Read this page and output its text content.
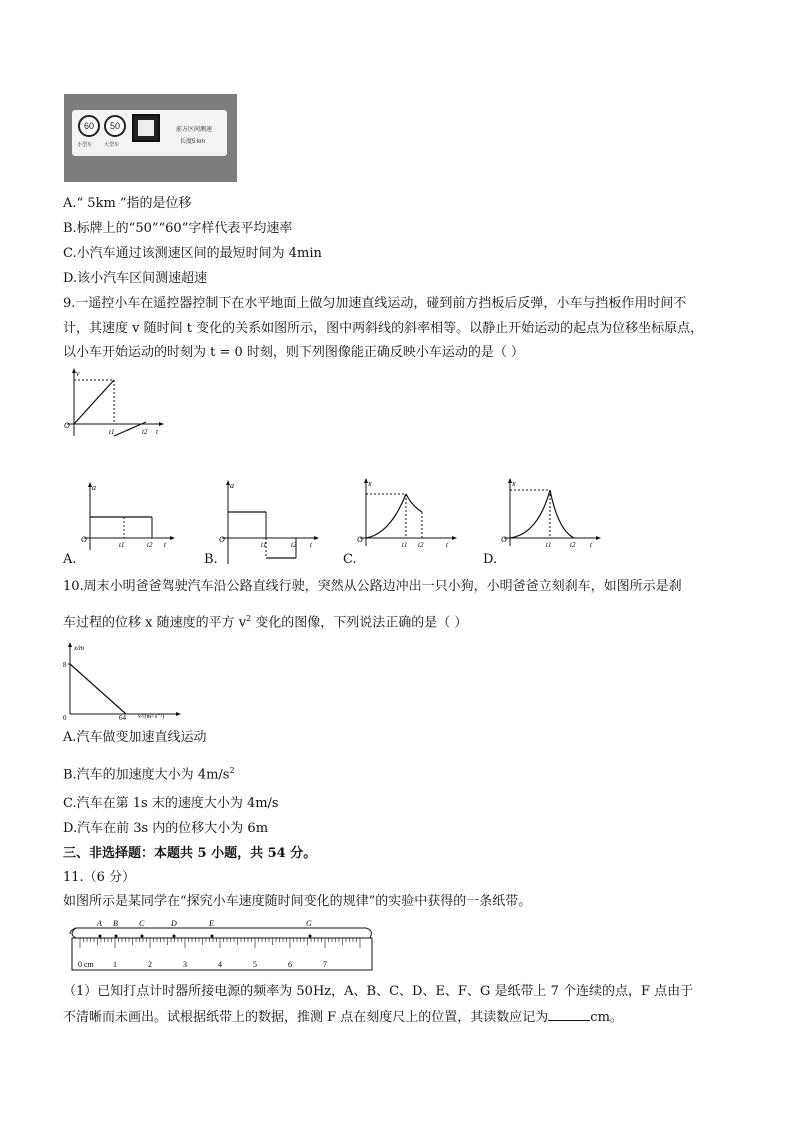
60
小型车
50
大型车
前方区间测速
长度5 km
A.“ 5km ”指的是位移
B.标牌上的“50”“60”字样代表平均速率
C.小汽车通过该测速区间的最短时间为 4min
D.该小汽车区间测速超速
9.一遥控小车在遥控器控制下在水平地面上做匀加速直线运动，碰到前方挡板后反弹，小车与挡板作用时间不
计，其速度 v 随时间 t 变化的关系如图所示，图中两斜线的斜率相等。以静止开始运动的起点为位移坐标原点，
以小车开始运动的时刻为 t = 0 时刻，则下列图像能正确反映小车运动的是（ ）
v
O
t1	t2 t
a
O
t1	t2 t
A.
a
O
t1	t2 t
B.
x
O
t1 t2	t
C.
x
O
t1	t2 t
D.
10.周末小明爸爸驾驶汽车沿公路直线行驶，突然从公路边冲出一只小狗，小明爸爸立刻刹车，如图所示是刹
车过程的位移 x 随速度的平方 $v^2$ 变化的图像，下列说法正确的是（ ）
x/m
8
0	64 v²/(m²·s⁻²)
A.汽车做变加速直线运动
B.汽车的加速度大小为 $4m/s^2$
C.汽车在第 1s 末的速度大小为 4m/s
D.汽车在前 3s 内的位移大小为 6m
三、非选择题：本题共 5 小题，共 54 分。
11.（6 分）
如图所示是某同学在“探究小车速度随时间变化的规律”的实验中获得的一条纸带。
A B	C	D	E	G
0 cm 1	2	3	4	5	6	7
（1）已知打点计时器所接电源的频率为 50Hz，A、B、C、D、E、F、G 是纸带上 7 个连续的点，F 点由于
不清晰而未画出。试根据纸带上的数据，推测 F 点在刻度尺上的位置，其读数应记为	cm。
